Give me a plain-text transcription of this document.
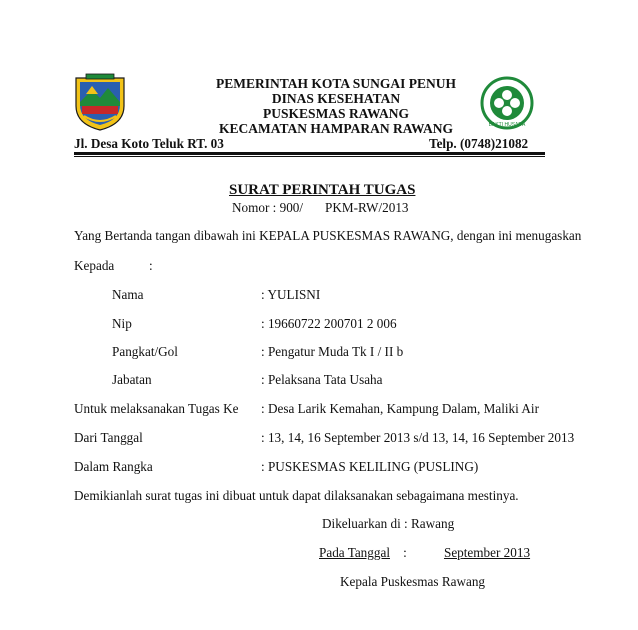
BAKTI HUSADA
PEMERINTAH KOTA SUNGAI PENUH
DINAS KESEHATAN
PUSKESMAS RAWANG
KECAMATAN HAMPARAN RAWANG
Jl. Desa Koto Teluk RT. 03	Telp. (0748)21082
SURAT PERINTAH TUGAS
Nomor : 900/ PKM-RW/2013
Yang Bertanda tangan dibawah ini KEPALA PUSKESMAS RAWANG, dengan ini menugaskan
Kepada	:
Nama	: YULISNI
Nip	: 19660722 200701 2 006
Pangkat/Gol	: Pengatur Muda Tk I / II b
Jabatan	: Pelaksana Tata Usaha
Untuk melaksanakan Tugas Ke : Desa Larik Kemahan, Kampung Dalam, Maliki Air
Dari Tanggal	: 13, 14, 16 September 2013 s/d 13, 14, 16 September 2013
Dalam Rangka	: PUSKESMAS KELILING (PUSLING)
Demikianlah surat tugas ini dibuat untuk dapat dilaksanakan sebagaimana mestinya.
Dikeluarkan di : Rawang
Pada Tanggal :	September 2013
Kepala Puskesmas Rawang
